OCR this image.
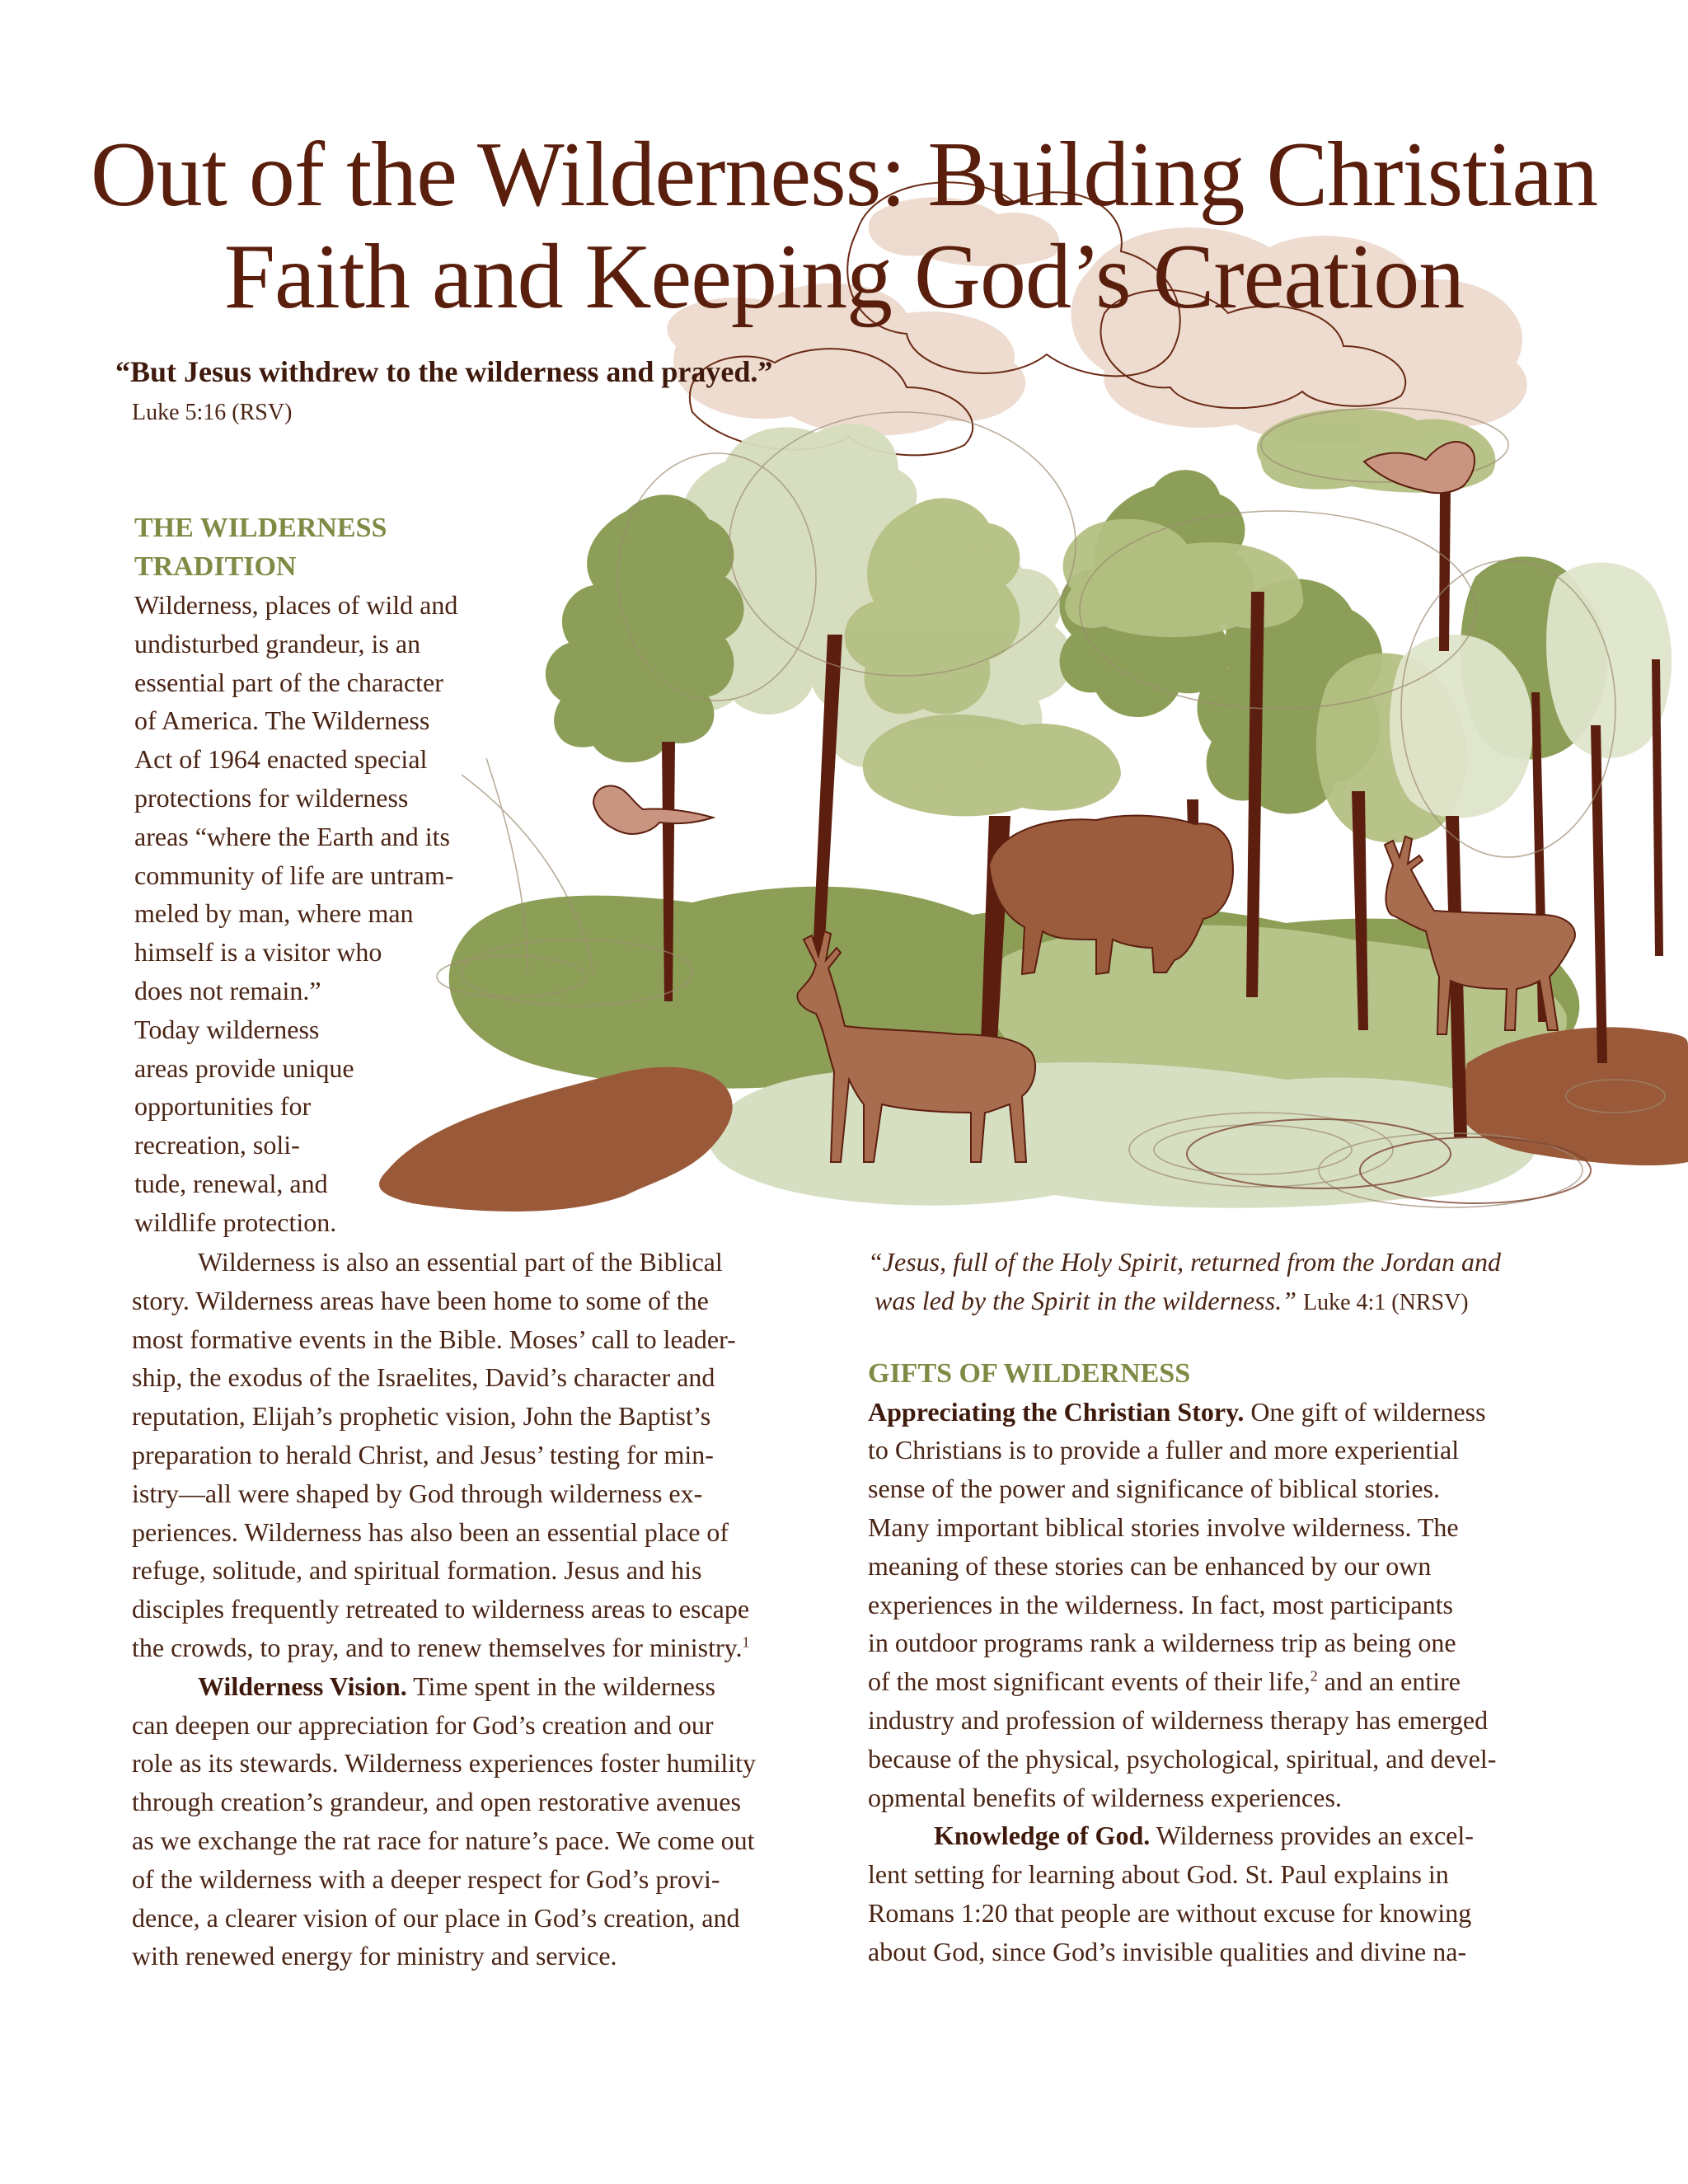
Out of the Wilderness: Building Christian
Faith and Keeping God’s Creation
“But Jesus withdrew to the wilderness and prayed.”
Luke 5:16 (RSV)
THE WILDERNESS
TRADITION
Wilderness, places of wild and
undisturbed grandeur, is an
essential part of the character
of America. The Wilderness
Act of 1964 enacted special
protections for wilderness
areas “where the Earth and its
community of life are untram-
meled by man, where man
himself is a visitor who
does not remain.”
Today wilderness
areas provide unique
opportunities for
recreation, soli-
tude, renewal, and
wildlife protection.
Wilderness is also an essential part of the Biblical
story. Wilderness areas have been home to some of the
most formative events in the Bible. Moses’ call to leader-
ship, the exodus of the Israelites, David’s character and
reputation, Elijah’s prophetic vision, John the Baptist’s
preparation to herald Christ, and Jesus’ testing for min-
istry—all were shaped by God through wilderness ex-
periences. Wilderness has also been an essential place of
refuge, solitude, and spiritual formation. Jesus and his
disciples frequently retreated to wilderness areas to escape
the crowds, to pray, and to renew themselves for ministry.$^1$
Wilderness Vision. Time spent in the wilderness
can deepen our appreciation for God’s creation and our
role as its stewards. Wilderness experiences foster humility
through creation’s grandeur, and open restorative avenues
as we exchange the rat race for nature’s pace. We come out
of the wilderness with a deeper respect for God’s provi-
dence, a clearer vision of our place in God’s creation, and
with renewed energy for ministry and service.
“Jesus, full of the Holy Spirit, returned from the Jordan and
was led by the Spirit in the wilderness.” Luke 4:1 (NRSV)
GIFTS OF WILDERNESS
Appreciating the Christian Story. One gift of wilderness
to Christians is to provide a fuller and more experiential
sense of the power and significance of biblical stories.
Many important biblical stories involve wilderness. The
meaning of these stories can be enhanced by our own
experiences in the wilderness. In fact, most participants
in outdoor programs rank a wilderness trip as being one
of the most significant events of their life,$^2$ and an entire
industry and profession of wilderness therapy has emerged
because of the physical, psychological, spiritual, and devel-
opmental benefits of wilderness experiences.
Knowledge of God. Wilderness provides an excel-
lent setting for learning about God. St. Paul explains in
Romans 1:20 that people are without excuse for knowing
about God, since God’s invisible qualities and divine na-
